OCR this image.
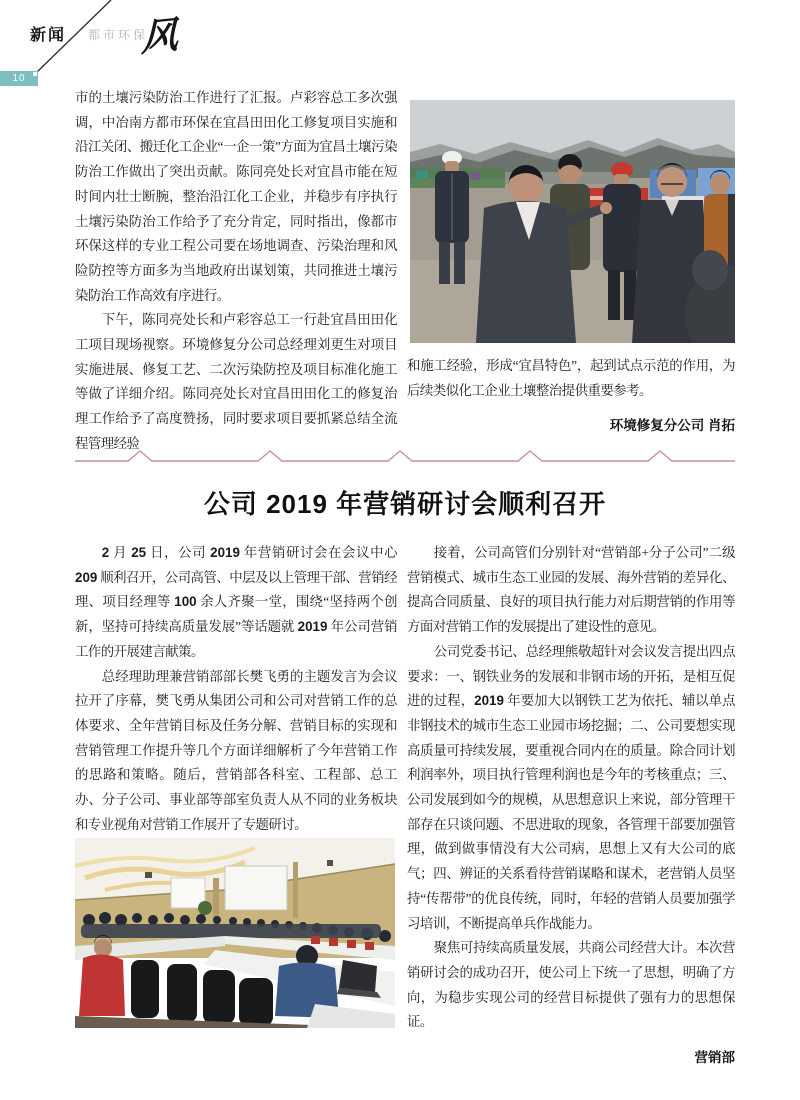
新闻 都市环保
风
10

市的土壤污染防治工作进行了汇报。卢彩容总工多次强调，中冶南方都市环保在宜昌田田化工修复项目实施和沿江关闭、搬迁化工企业“一企一策”方面为宜昌土壤污染防治工作做出了突出贡献。陈同亮处长对宜昌市能在短时间内壮士断腕，整治沿江化工企业，并稳步有序执行土壤污染防治工作给予了充分肯定，同时指出，像都市环保这样的专业工程公司要在场地调查、污染治理和风险防控等方面多为当地政府出谋划策，共同推进土壤污染防治工作高效有序进行。

下午，陈同亮处长和卢彩容总工一行赴宜昌田田化工项目现场视察。环境修复分公司总经理刘更生对项目实施进展、修复工艺、二次污染防控及项目标准化施工等做了详细介绍。陈同亮处长对宜昌田田化工的修复治理工作给予了高度赞扬，同时要求项目要抓紧总结全流程管理经验

和施工经验，形成“宜昌特色”，起到试点示范的作用，为后续类似化工企业土壤整治提供重要参考。

环境修复分公司 肖拓
公司 2019 年营销研讨会顺利召开

2 月 25 日，公司 2019 年营销研讨会在会议中心 209 顺利召开，公司高管、中层及以上管理干部、营销经理、项目经理等 100 余人齐聚一堂，围绕“坚持两个创新，坚持可持续高质量发展”等话题就 2019 年公司营销工作的开展建言献策。

总经理助理兼营销部部长樊飞勇的主题发言为会议拉开了序幕，樊飞勇从集团公司和公司对营销工作的总体要求、全年营销目标及任务分解、营销目标的实现和营销管理工作提升等几个方面详细解析了今年营销工作的思路和策略。随后，营销部各科室、工程部、总工办、分子公司、事业部等部室负责人从不同的业务板块和专业视角对营销工作展开了专题研讨。

接着，公司高管们分别针对“营销部+分子公司”二级营销模式、城市生态工业园的发展、海外营销的差异化、提高合同质量、良好的项目执行能力对后期营销的作用等方面对营销工作的发展提出了建设性的意见。

公司党委书记、总经理熊敬超针对会议发言提出四点要求：一、钢铁业务的发展和非钢市场的开拓，是相互促进的过程，2019 年要加大以钢铁工艺为依托、辅以单点非钢技术的城市生态工业园市场挖掘；二、公司要想实现高质量可持续发展，要重视合同内在的质量。除合同计划利润率外，项目执行管理利润也是今年的考核重点；三、公司发展到如今的规模，从思想意识上来说，部分管理干部存在只谈问题、不思进取的现象，各管理干部要加强管理，做到做事情没有大公司病，思想上又有大公司的底气；四、辨证的关系看待营销谋略和谋术，老营销人员坚持“传帮带”的优良传统，同时，年轻的营销人员要加强学习培训，不断提高单兵作战能力。

聚焦可持续高质量发展，共商公司经营大计。本次营销研讨会的成功召开，使公司上下统一了思想，明确了方向，为稳步实现公司的经营目标提供了强有力的思想保证。

营销部
